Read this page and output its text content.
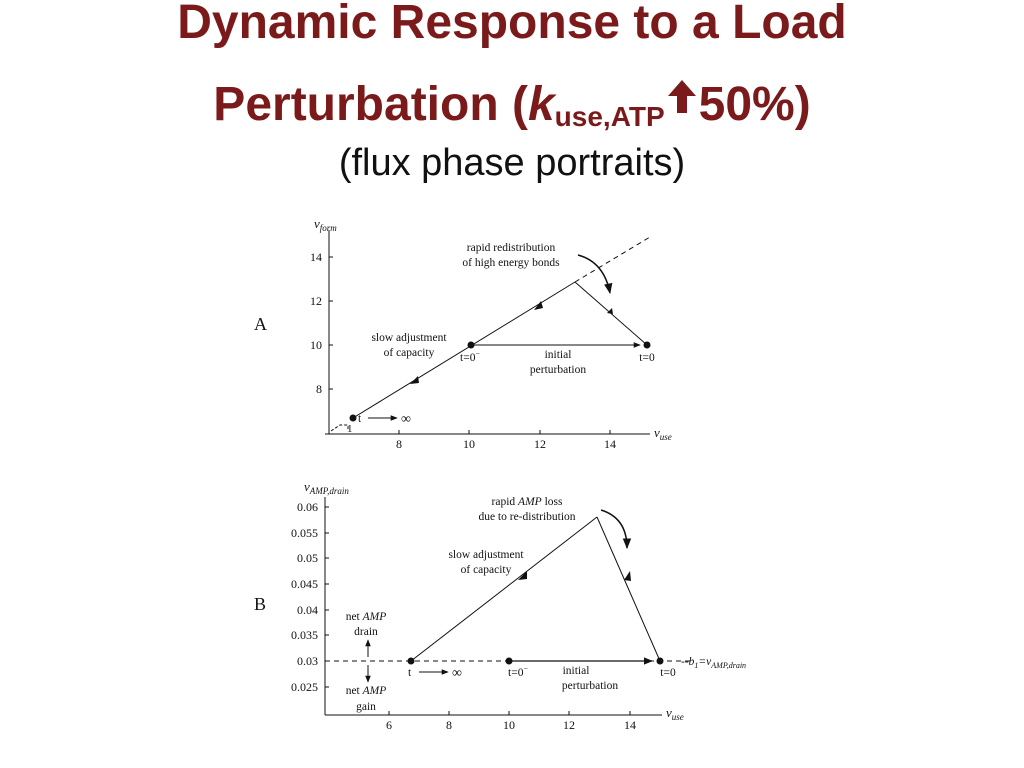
Dynamic Response to a Load
Perturbation ($k_{use,ATP}$ 50%)
(flux phase portraits)
A
$v_{form}$
$v_{use}$
14
12
10
8
8	10	12	14
1
t	∞
t=0−	t=0
rapid redistribution
of high energy bonds
slow adjustment
of capacity	initial
perturbation
B
$v_{AMP,drain}$
$v_{use}$
0.06
0.055
0.05
0.045
0.04
0.035
0.03
0.025
6	8	10	12	14
$--b_1=v_{AMP,drain}$
t	∞	t=0−	t=0
rapid AMP loss
due to re-distribution
slow adjustment
of capacity
initial
perturbation
net AMP
drain
net AMP
gain
